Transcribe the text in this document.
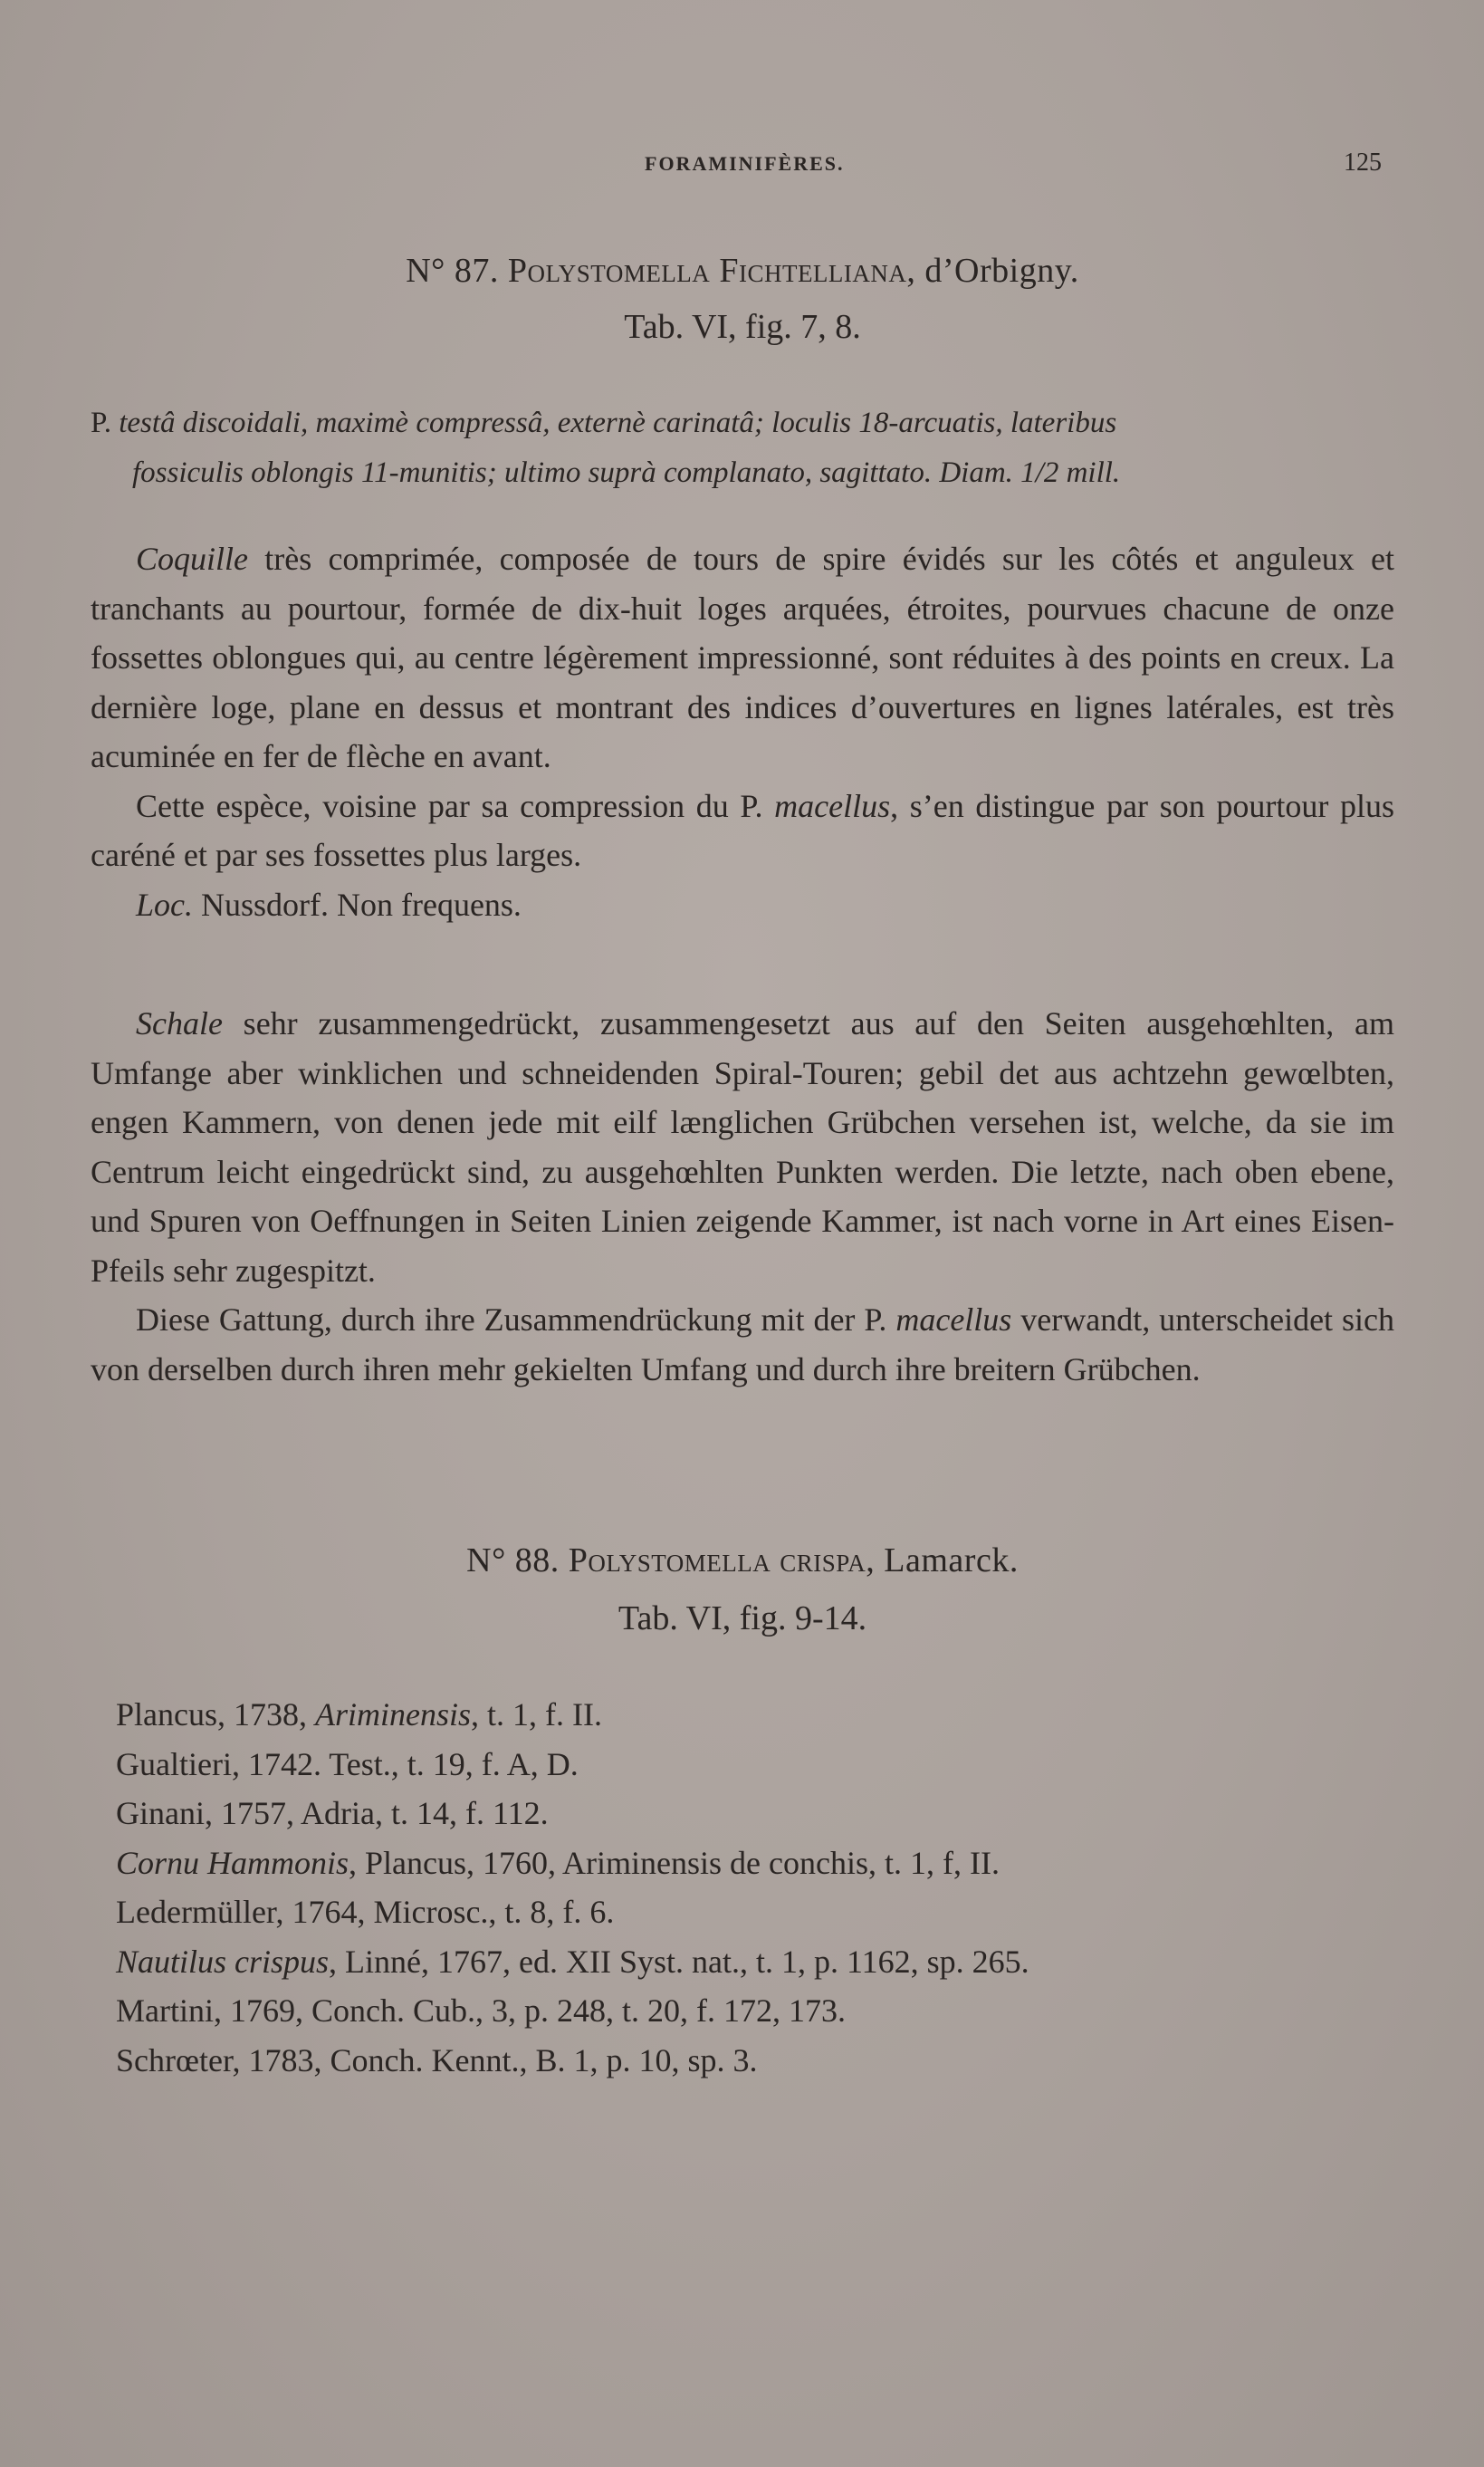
FORAMINIFÈRES.	125
N° 87. Polystomella Fichtelliana, d’Orbigny.
Tab. VI, fig. 7, 8.
P. testâ discoidali, maximè compressâ, externè carinatâ; loculis 18-arcuatis, lateribus
fossiculis oblongis 11-munitis; ultimo suprà complanato, sagittato. Diam. 1/2 mill.
Coquille très comprimée, composée de tours de spire évidés sur les côtés et anguleux et tranchants au pourtour, formée de dix-huit loges arquées, étroites, pourvues chacune de onze fossettes oblongues qui, au centre légèrement impressionné, sont réduites à des points en creux. La dernière loge, plane en dessus et montrant des indices d’ouvertures en lignes latérales, est très acuminée en fer de flèche en avant.
Cette espèce, voisine par sa compression du P. macellus, s’en distingue par son pourtour plus caréné et par ses fossettes plus larges.
Loc. Nussdorf. Non frequens.
Schale sehr zusammengedrückt, zusammengesetzt aus auf den Seiten ausgehœhlten, am Umfange aber winklichen und schneidenden Spiral-Touren; gebil det aus achtzehn gewœlbten, engen Kammern, von denen jede mit eilf længlichen Grübchen versehen ist, welche, da sie im Centrum leicht eingedrückt sind, zu ausgehœhlten Punkten werden. Die letzte, nach oben ebene, und Spuren von Oeffnungen in Seiten Linien zeigende Kammer, ist nach vorne in Art eines Eisen-Pfeils sehr zugespitzt.
Diese Gattung, durch ihre Zusammendrückung mit der P. macellus verwandt, unterscheidet sich von derselben durch ihren mehr gekielten Umfang und durch ihre breitern Grübchen.
N° 88. Polystomella crispa, Lamarck.
Tab. VI, fig. 9-14.
Plancus, 1738, Ariminensis, t. 1, f. II.
Gualtieri, 1742. Test., t. 19, f. A, D.
Ginani, 1757, Adria, t. 14, f. 112.
Cornu Hammonis, Plancus, 1760, Ariminensis de conchis, t. 1, f, II.
Ledermüller, 1764, Microsc., t. 8, f. 6.
Nautilus crispus, Linné, 1767, ed. XII Syst. nat., t. 1, p. 1162, sp. 265.
Martini, 1769, Conch. Cub., 3, p. 248, t. 20, f. 172, 173.
Schrœter, 1783, Conch. Kennt., B. 1, p. 10, sp. 3.
